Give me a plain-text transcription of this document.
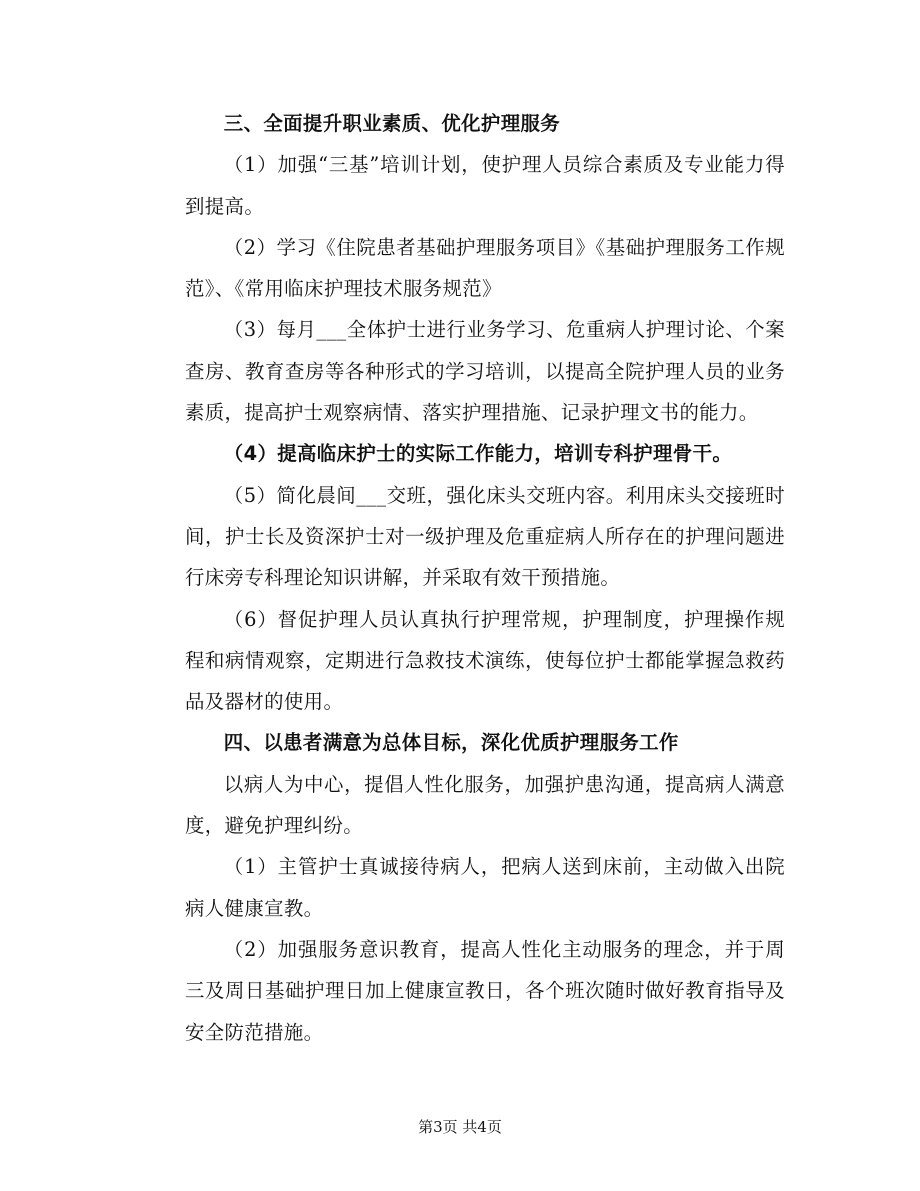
三、全面提升职业素质、优化护理服务

（1）加强“三基”培训计划，使护理人员综合素质及专业能力得到提高。

（2）学习《住院患者基础护理服务项目》《基础护理服务工作规范》、《常用临床护理技术服务规范》

（3）每月___全体护士进行业务学习、危重病人护理讨论、个案查房、教育查房等各种形式的学习培训，以提高全院护理人员的业务素质，提高护士观察病情、落实护理措施、记录护理文书的能力。

（4）提高临床护士的实际工作能力，培训专科护理骨干。

（5）简化晨间___交班，强化床头交班内容。利用床头交接班时间，护士长及资深护士对一级护理及危重症病人所存在的护理问题进行床旁专科理论知识讲解，并采取有效干预措施。

（6）督促护理人员认真执行护理常规，护理制度，护理操作规程和病情观察，定期进行急救技术演练，使每位护士都能掌握急救药品及器材的使用。

四、以患者满意为总体目标，深化优质护理服务工作

以病人为中心，提倡人性化服务，加强护患沟通，提高病人满意度，避免护理纠纷。

（1）主管护士真诚接待病人，把病人送到床前，主动做入出院病人健康宣教。

（2）加强服务意识教育，提高人性化主动服务的理念，并于周三及周日基础护理日加上健康宣教日，各个班次随时做好教育指导及安全防范措施。

第3页 共4页
